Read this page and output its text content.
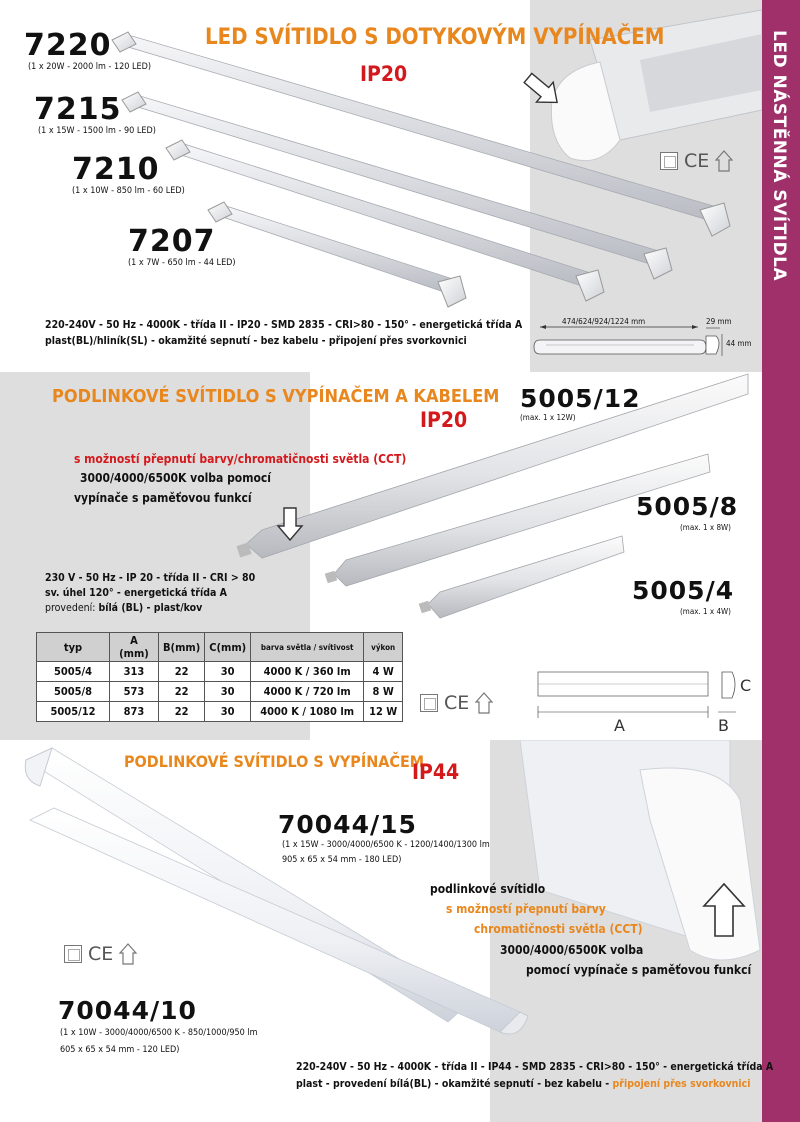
LED NÁSTĚNNÁ SVÍTIDLA
LED SVÍTIDLO S DOTYKOVÝM VYPÍNAČEM
IP20
7220
(1 x 20W - 2000 lm - 120 LED)
7215
(1 x 15W - 1500 lm - 90 LED)
7210
(1 x 10W - 850 lm - 60 LED)
7207
(1 x 7W - 650 lm - 44 LED)
220-240V - 50 Hz - 4000K - třída II - IP20 - SMD 2835 - CRI>80 - 150° - energetická třída A
plast(BL)/hliník(SL) - okamžité sepnutí - bez kabelu - připojení přes svorkovnici
474/624/924/1224 mm	29 mm
44 mm
CE
PODLINKOVÉ SVÍTIDLO S VYPÍNAČEM A KABELEM
IP20
s možností přepnutí barvy/chromatičnosti světla (CCT)
3000/4000/6500K volba pomocí
vypínače s paměťovou funkcí
5005/12
(max. 1 x 12W)
5005/8
(max. 1 x 8W)
5005/4
(max. 1 x 4W)
230 V - 50 Hz - IP 20 - třída II - CRI > 80
sv. úhel 120° - energetická třída A
provedení: bílá (BL) - plast/kov
typ	A (mm)	B(mm)	C(mm)	barva světla / svítivost	výkon
5005/4	313	22	30	4000 K / 360 lm	4 W
5005/8	573	22	30	4000 K / 720 lm	8 W
5005/12	873	22	30	4000 K / 1080 lm	12 W CE
A	B
C
PODLINKOVÉ SVÍTIDLO S VYPÍNAČEM
IP44
70044/15
(1 x 15W - 3000/4000/6500 K - 1200/1400/1300 lm
905 x 65 x 54 mm - 180 LED)
podlinkové svítidlo
s možností přepnutí barvy
chromatičnosti světla (CCT)
3000/4000/6500K volba
pomocí vypínače s paměťovou funkcí
CE
70044/10
(1 x 10W - 3000/4000/6500 K - 850/1000/950 lm
605 x 65 x 54 mm - 120 LED)
220-240V - 50 Hz - 4000K - třída II - IP44 - SMD 2835 - CRI>80 - 150° - energetická třída A
plast - provedení bílá(BL) - okamžité sepnutí - bez kabelu - připojení přes svorkovnici
